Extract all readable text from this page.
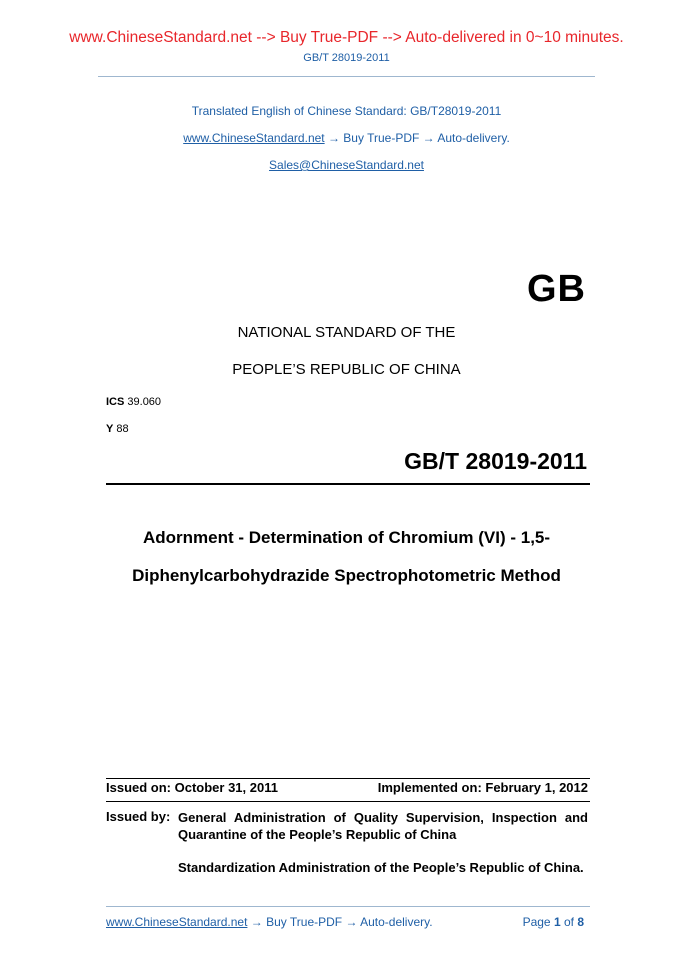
www.ChineseStandard.net --> Buy True-PDF --> Auto-delivered in 0~10 minutes.
GB/T 28019-2011
Translated English of Chinese Standard: GB/T28019-2011
www.ChineseStandard.net → Buy True-PDF → Auto-delivery.
Sales@ChineseStandard.net
GB
NATIONAL STANDARD OF THE
PEOPLE’S REPUBLIC OF CHINA
ICS 39.060
Y 88
GB/T 28019-2011
Adornment - Determination of Chromium (VI) - 1,5-
Diphenylcarbohydrazide Spectrophotometric Method
Issued on: October 31, 2011	Implemented on: February 1, 2012
Issued by: General Administration of Quality Supervision, Inspection and Quarantine of the People’s Republic of China
Standardization Administration of the People’s Republic of China.
www.ChineseStandard.net → Buy True-PDF → Auto-delivery.	Page 1 of 8
